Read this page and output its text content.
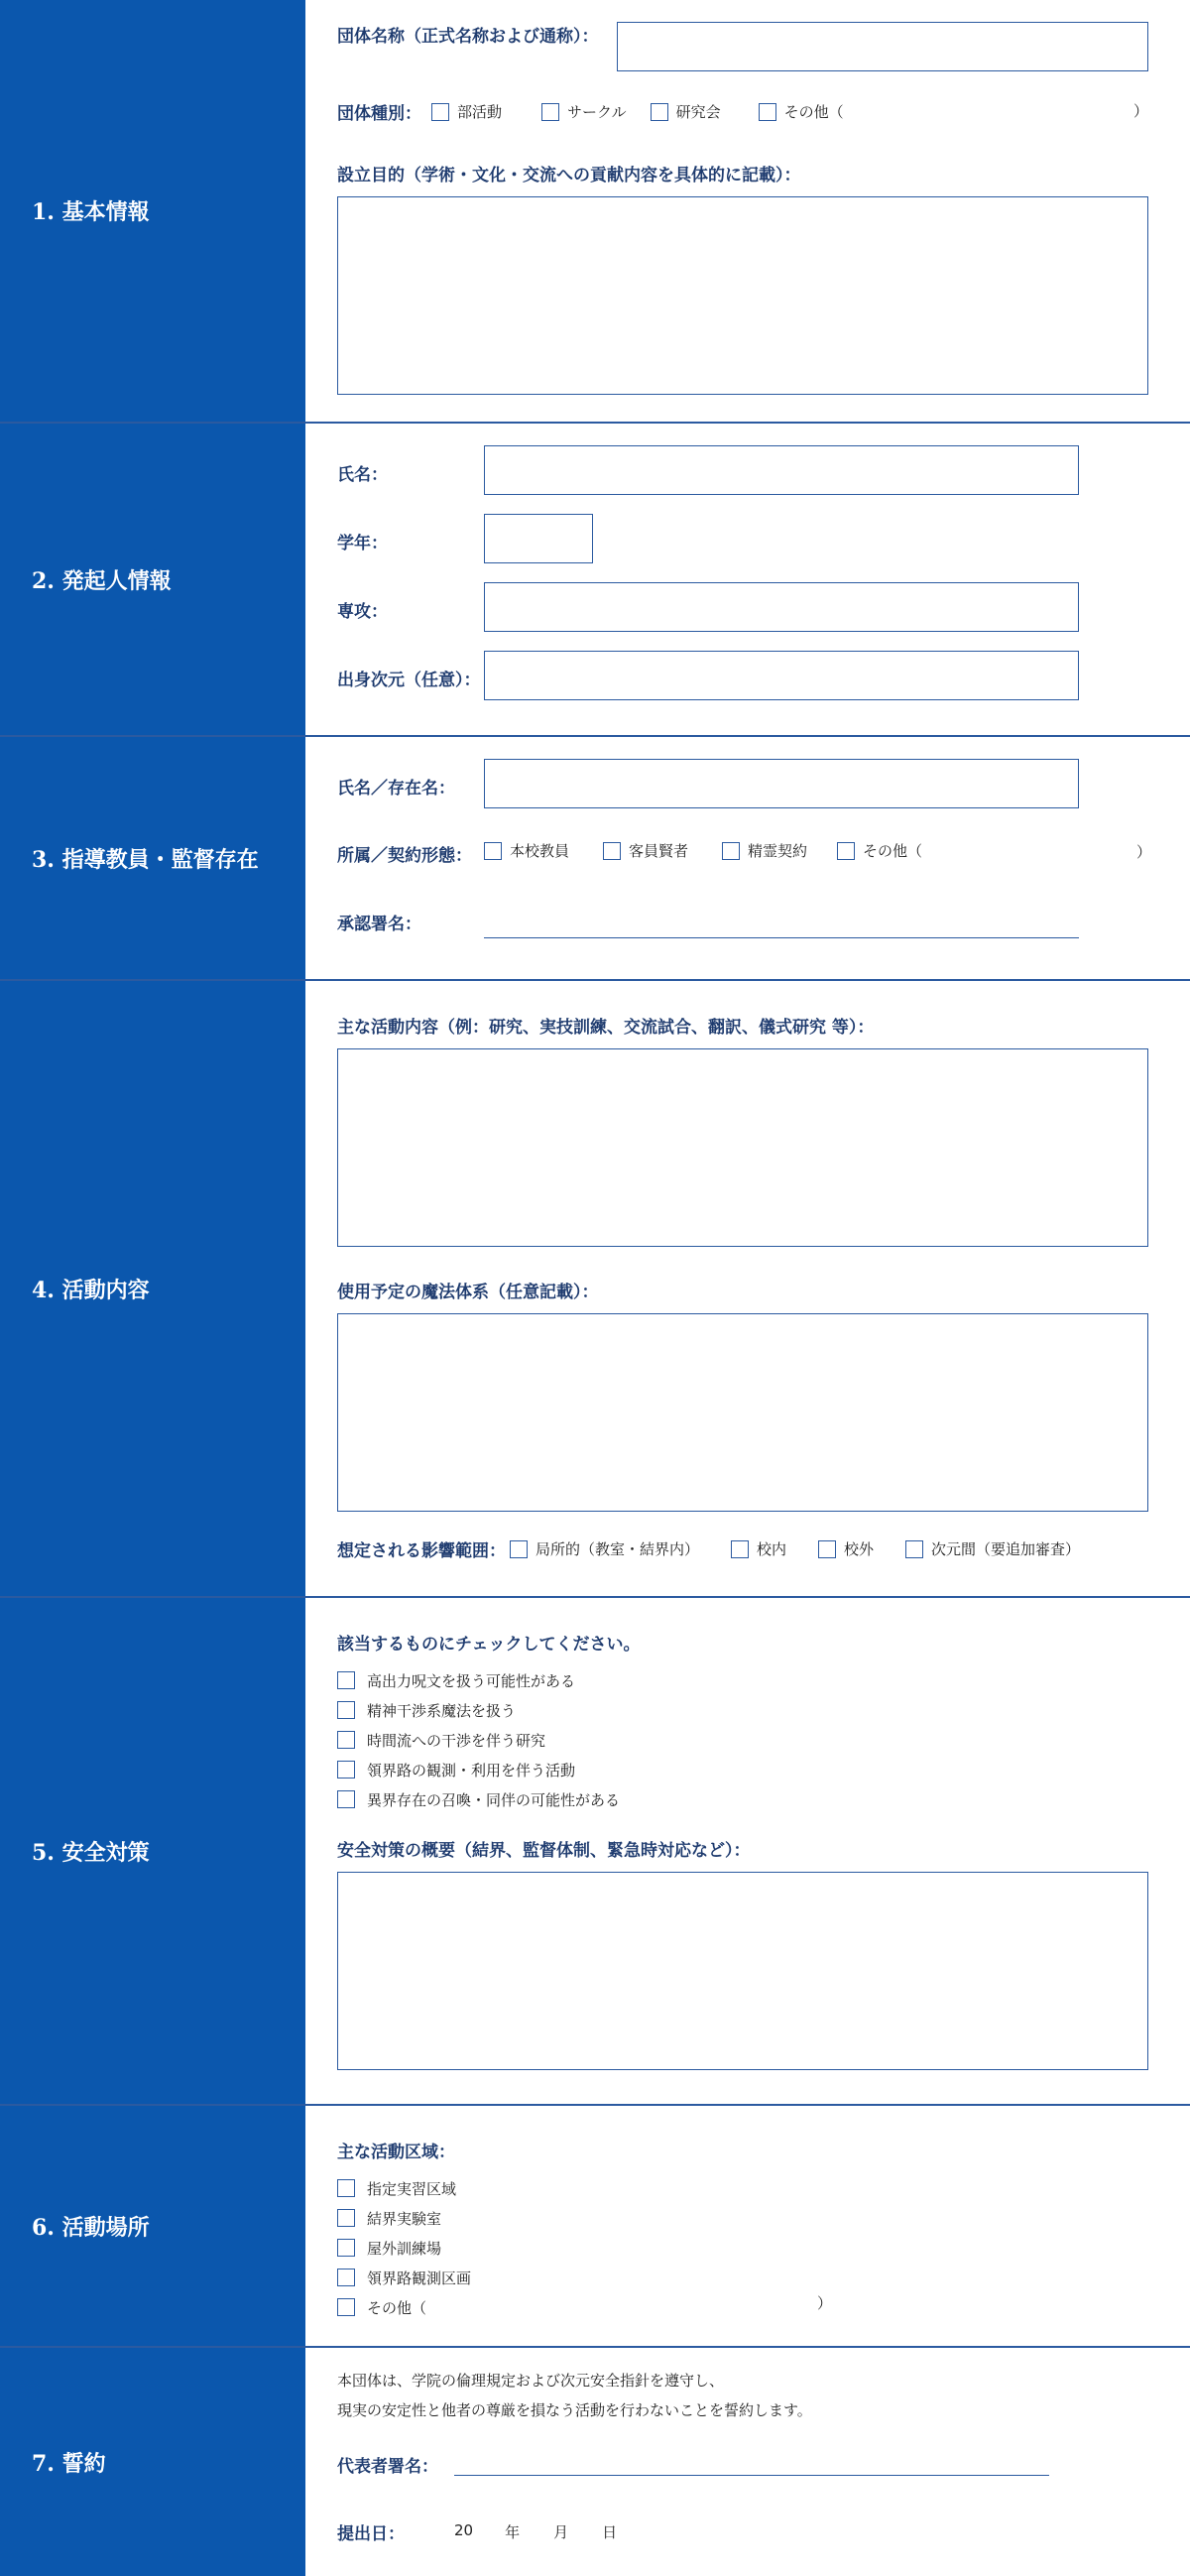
1. 基本情報
団体名称（正式名称および通称）：
団体種別： 部活動	サークル	研究会	その他（	）
設立目的（学術・文化・交流への貢献内容を具体的に記載）：
2. 発起人情報
氏名：
学年：
専攻：
出身次元（任意）：
3. 指導教員・監督存在
氏名／存在名：
所属／契約形態：	本校教員	客員賢者	精霊契約	その他（	）
承認署名：
4. 活動内容
主な活動内容（例：研究、実技訓練、交流試合、翻訳、儀式研究 等）：
使用予定の魔法体系（任意記載）：
想定される影響範囲： 局所的（教室・結界内）	校内	校外	次元間（要追加審査）
5. 安全対策
該当するものにチェックしてください。
高出力呪文を扱う可能性がある
精神干渉系魔法を扱う
時間流への干渉を伴う研究
領界路の観測・利用を伴う活動
異界存在の召喚・同伴の可能性がある
安全対策の概要（結界、監督体制、緊急時対応など）：
6. 活動場所
主な活動区域：
指定実習区域
結界実験室
屋外訓練場
領界路観測区画
その他（	）
7. 誓約
本団体は、学院の倫理規定および次元安全指針を遵守し、
現実の安定性と他者の尊厳を損なう活動を行わないことを誓約します。
代表者署名：
提出日：	20 年 月 日
